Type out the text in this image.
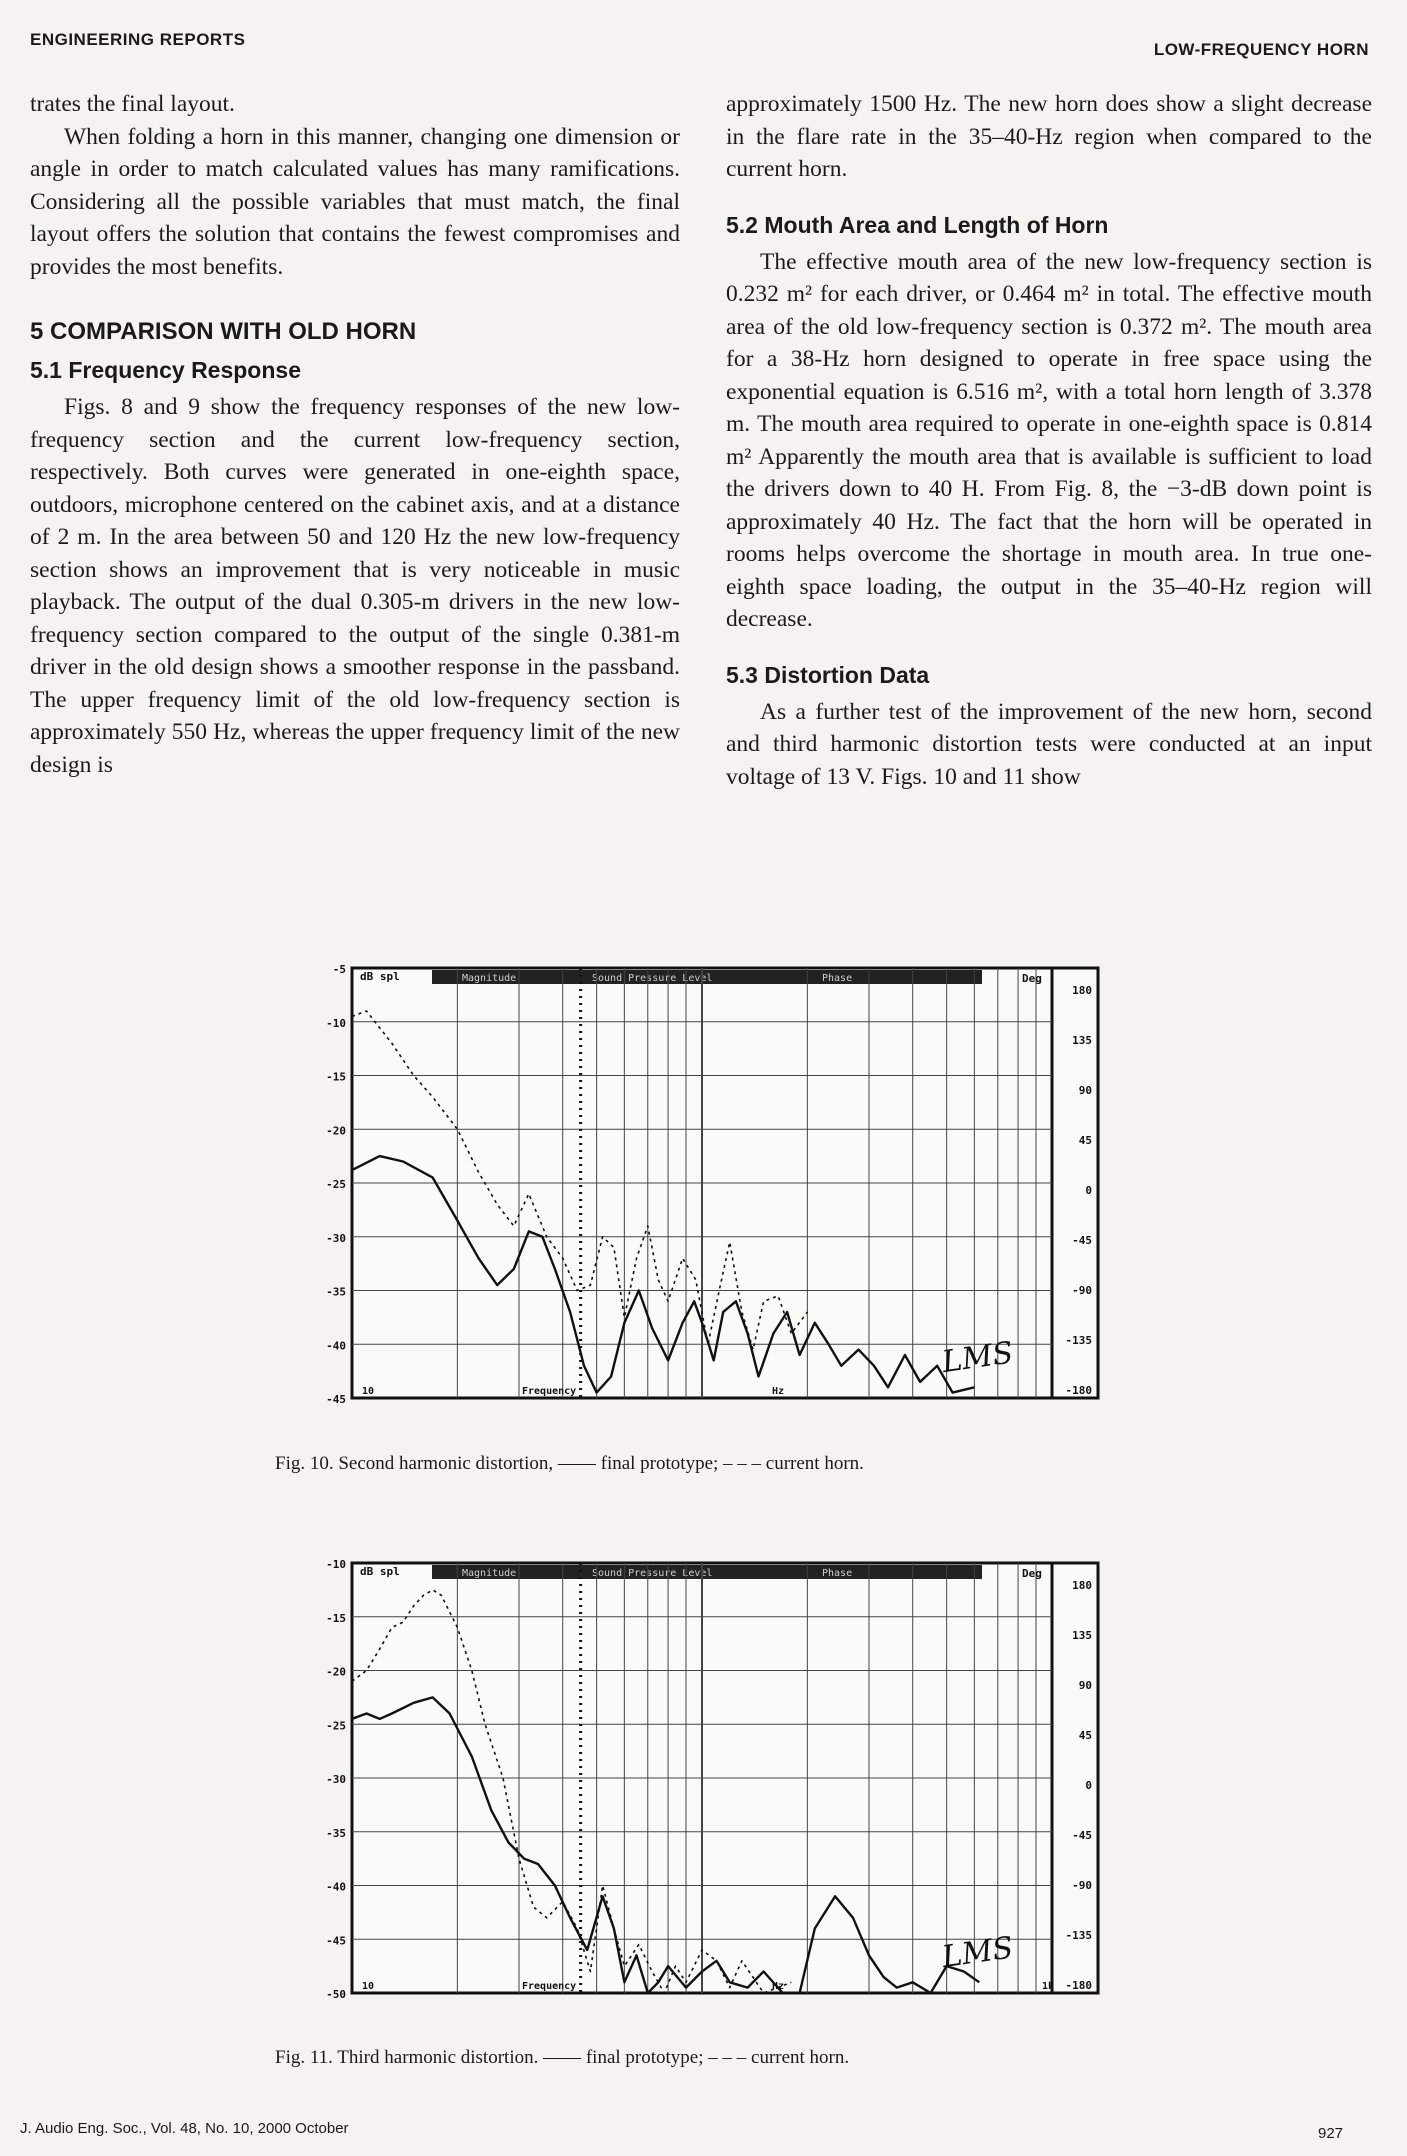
ENGINEERING REPORTS
LOW-FREQUENCY HORN

trates the final layout.

When folding a horn in this manner, changing one dimension or angle in order to match calculated values has many ramifications. Considering all the possible variables that must match, the final layout offers the solution that contains the fewest compromises and provides the most benefits.

5 COMPARISON WITH OLD HORN
5.1 Frequency Response

Figs. 8 and 9 show the frequency responses of the new low-frequency section and the current low-frequency section, respectively. Both curves were generated in one-eighth space, outdoors, microphone centered on the cabinet axis, and at a distance of 2 m. In the area between 50 and 120 Hz the new low-frequency section shows an improvement that is very noticeable in music playback. The output of the dual 0.305-m drivers in the new low-frequency section compared to the output of the single 0.381-m driver in the old design shows a smoother response in the passband. The upper frequency limit of the old low-frequency section is approximately 550 Hz, whereas the upper frequency limit of the new design is

approximately 1500 Hz. The new horn does show a slight decrease in the flare rate in the 35–40-Hz region when compared to the current horn.

5.2 Mouth Area and Length of Horn

The effective mouth area of the new low-frequency section is 0.232 m² for each driver, or 0.464 m² in total. The effective mouth area of the old low-frequency section is 0.372 m². The mouth area for a 38-Hz horn designed to operate in free space using the exponential equation is 6.516 m², with a total horn length of 3.378 m. The mouth area required to operate in one-eighth space is 0.814 m² Apparently the mouth area that is available is sufficient to load the drivers down to 40 H. From Fig. 8, the −3-dB down point is approximately 40 Hz. The fact that the horn will be operated in rooms helps overcome the shortage in mouth area. In true one-eighth space loading, the output in the 35–40-Hz region will decrease.

5.3 Distortion Data

As a further test of the improvement of the new horn, second and third harmonic distortion tests were conducted at an input voltage of 13 V. Figs. 10 and 11 show

Magnitude	Sound Pressure Level	Phase
-5
-10
-15
-20
-25
-30
-35
-40
-45
180
135
90
45
0
-45
-90
-135
-180
dB spl	Deg
10	Frequency	Hz
LMS
Fig. 10. Second harmonic distortion, —— final prototype; – – – current horn.
Magnitude	Sound Pressure Level	Phase
-10
-15
-20
-25
-30
-35
-40
-45
-50
180
135
90
45
0
-45
-90
-135
-180
dB spl	Deg
10	Frequency	Hz	1k
LMS
Fig. 11. Third harmonic distortion. —— final prototype; – – – current horn.
J. Audio Eng. Soc., Vol. 48, No. 10, 2000 October	927
